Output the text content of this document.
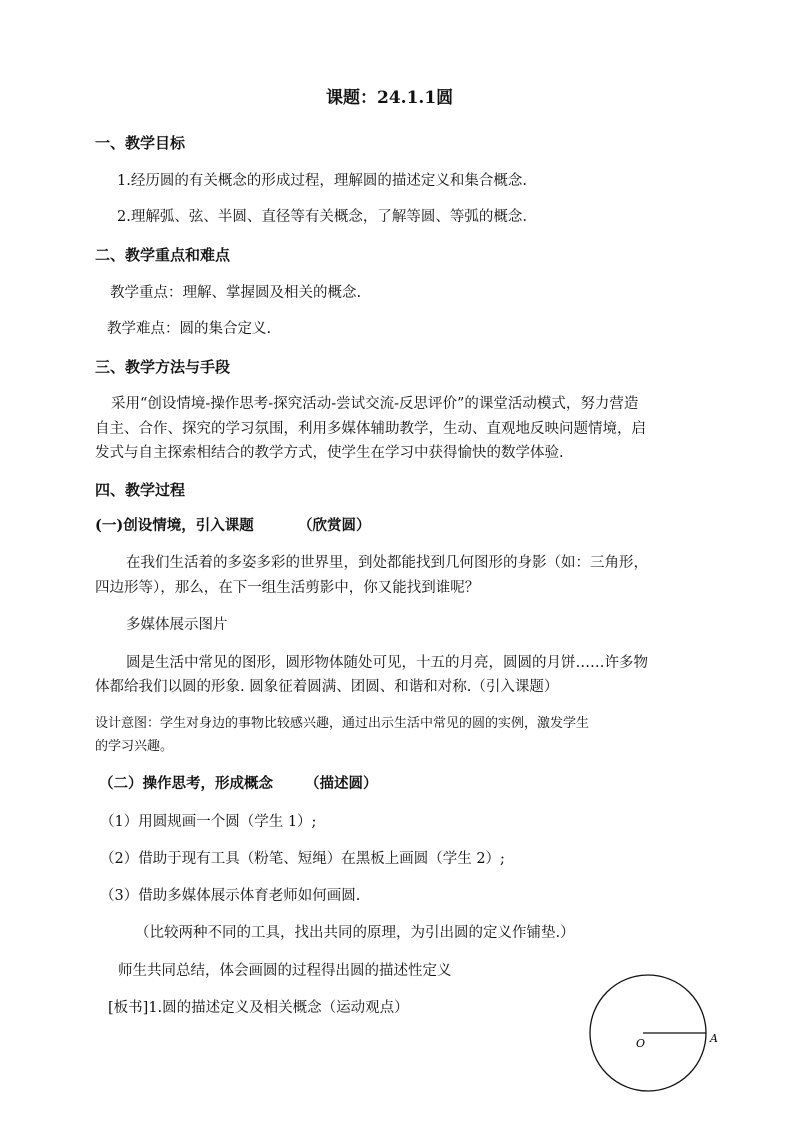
课题：24.1.1圆
一、教学目标
1.经历圆的有关概念的形成过程，理解圆的描述定义和集合概念.
2.理解弧、弦、半圆、直径等有关概念，了解等圆、等弧的概念.
二、教学重点和难点
教学重点：理解、掌握圆及相关的概念.
教学难点：圆的集合定义.
三、教学方法与手段
采用“创设情境-操作思考-探究活动-尝试交流-反思评价”的课堂活动模式，努力营造
自主、合作、探究的学习氛围，利用多媒体辅助教学，生动、直观地反映问题情境，启
发式与自主探索相结合的教学方式，使学生在学习中获得愉快的数学体验.
四、教学过程
(一)创设情境，引入课题	（欣赏圆）
在我们生活着的多姿多彩的世界里，到处都能找到几何图形的身影（如：三角形，
四边形等），那么，在下一组生活剪影中，你又能找到谁呢？
多媒体展示图片
圆是生活中常见的图形，圆形物体随处可见，十五的月亮，圆圆的月饼……许多物
体都给我们以圆的形象. 圆象征着圆满、团圆、和谐和对称.（引入课题）
设计意图：学生对身边的事物比较感兴趣，通过出示生活中常见的圆的实例，激发学生
的学习兴趣。
（二）操作思考，形成概念 （描述圆）
（1）用圆规画一个圆（学生 1）;
（2）借助于现有工具（粉笔、短绳）在黑板上画圆（学生 2）;
（3）借助多媒体展示体育老师如何画圆.
（比较两种不同的工具，找出共同的原理，为引出圆的定义作铺垫.）
师生共同总结，体会画圆的过程得出圆的描述性定义
[板书]1.圆的描述定义及相关概念（运动观点）
O	A
